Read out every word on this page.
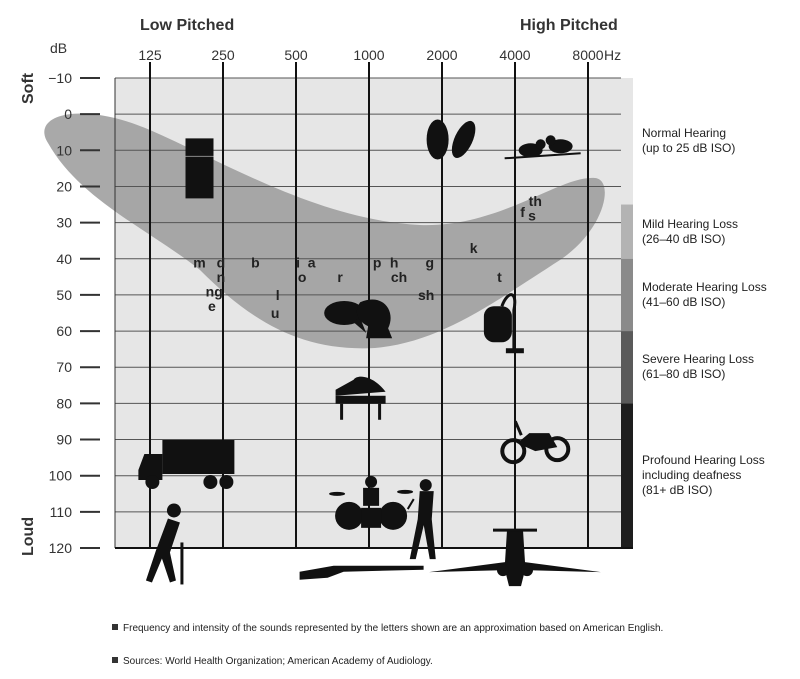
−10
0
10
20
30
40
50
60
70
80
90
100
110
120
125	250	500	1000	2000	4000	8000
Low Pitched	High Pitched
dB	Hz
Soft
Loud
m d
n
ng
e
b
l
u
i a
o r
p h
ch
g
sh
k
t
f
th
s
Normal Hearing
(up to 25 dB ISO)
Mild Hearing Loss
(26–40 dB ISO)
Moderate Hearing Loss
(41–60 dB ISO)
Severe Hearing Loss
(61–80 dB ISO)
Profound Hearing Loss
including deafness
(81+ dB ISO)
Frequency and intensity of the sounds represented by the letters shown are an approximation based on American English.
Sources: World Health Organization; American Academy of Audiology.
